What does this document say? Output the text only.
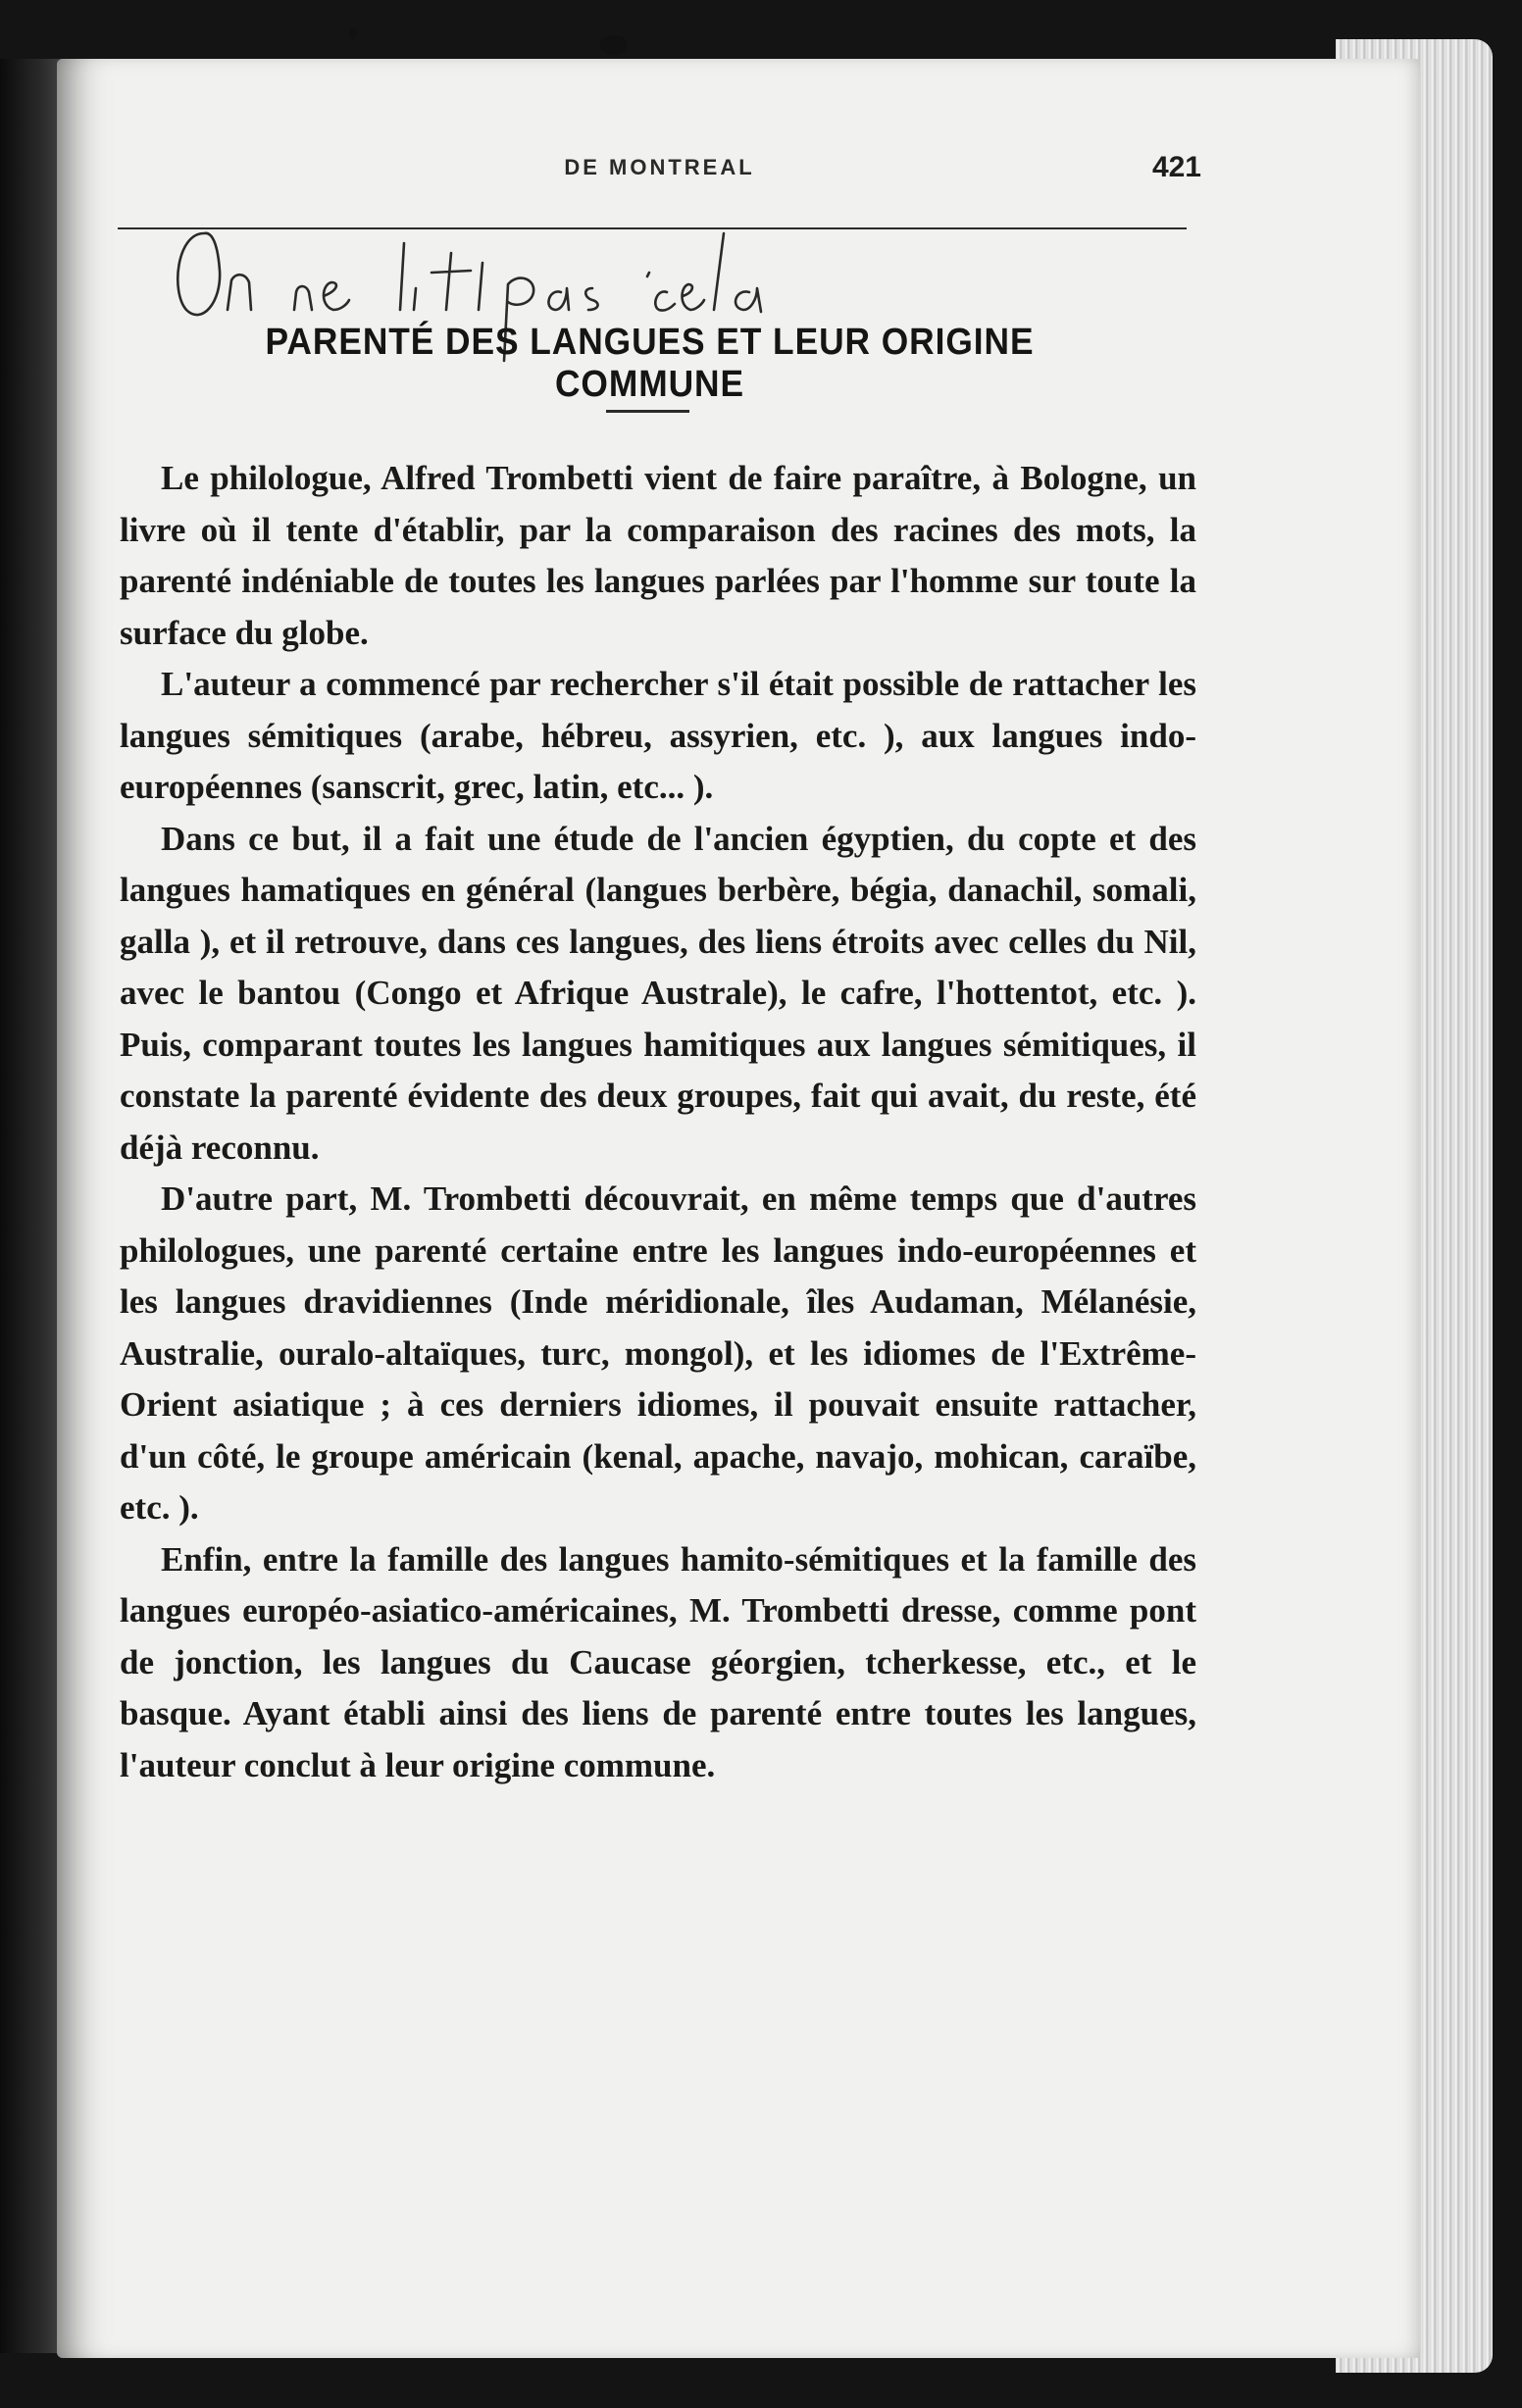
DE MONTREAL	421
PARENTÉ DES LANGUES ET LEUR ORIGINE COMMUNE

Le philologue, Alfred Trombetti vient de faire paraître, à Bologne, un livre où il tente d'établir, par la comparaison des racines des mots, la parenté indéniable de toutes les langues parlées par l'homme sur toute la surface du globe.

L'auteur a commencé par rechercher s'il était possible de rattacher les langues sémitiques (arabe, hébreu, assyrien, etc. ), aux langues indo-européennes (sanscrit, grec, latin, etc... ).

Dans ce but, il a fait une étude de l'ancien égyptien, du copte et des langues hamatiques en général (langues berbère, bégia, danachil, somali, galla ), et il retrouve, dans ces langues, des liens étroits avec celles du Nil, avec le bantou (Congo et Afrique Australe), le cafre, l'hottentot, etc. ). Puis, comparant toutes les langues hamitiques aux langues sémitiques, il constate la parenté évidente des deux groupes, fait qui avait, du reste, été déjà reconnu.

D'autre part, M. Trombetti découvrait, en même temps que d'autres philologues, une parenté certaine entre les langues indo-européennes et les langues dravidiennes (Inde méridionale, îles Audaman, Mélanésie, Australie, ouralo-altaïques, turc, mongol), et les idiomes de l'Extrême-Orient asiatique ; à ces derniers idiomes, il pouvait ensuite rattacher, d'un côté, le groupe américain (kenal, apache, navajo, mohican, caraïbe, etc. ).

Enfin, entre la famille des langues hamito-sémitiques et la famille des langues européo-asiatico-américaines, M. Trombetti dresse, comme pont de jonction, les langues du Caucase géorgien, tcherkesse, etc., et le basque. Ayant établi ainsi des liens de parenté entre toutes les langues, l'auteur conclut à leur origine commune.
